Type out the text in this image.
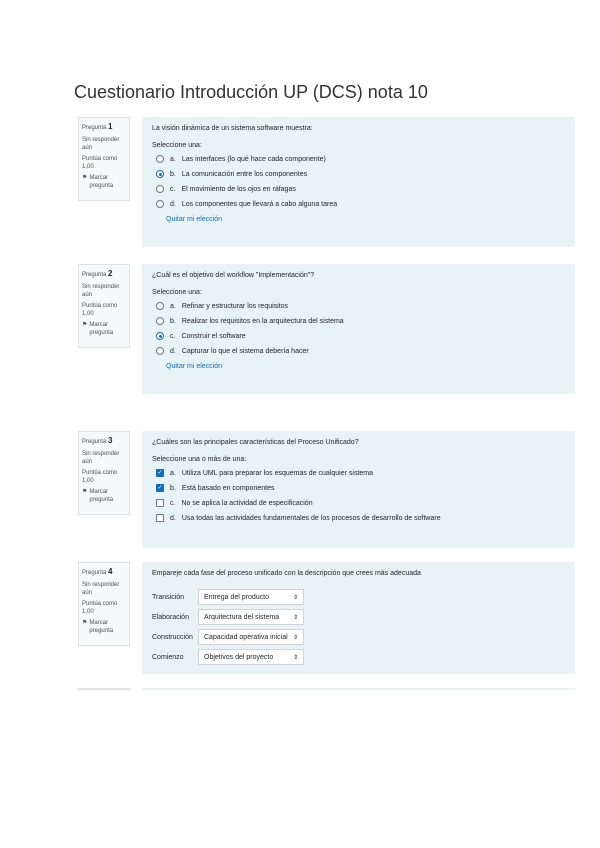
Cuestionario Introducción UP (DCS) nota 10
Pregunta 1
Sin responder aún
Puntúa como 1,00
⚑ Marcar pregunta
La visión dinámica de un sistema software muestra:
Seleccione una:
a. Las interfaces (lo qué hace cada componente)
b. La comunicación entre los componentes
c. El movimiento de los ojos en ráfagas
d. Los componentes que llevará a cabo alguna tarea
Quitar mi elección
Pregunta 2
Sin responder aún
Puntúa como 1,00
⚑ Marcar pregunta
¿Cuál es el objetivo del workflow "Implementación"?
Seleccione una:
a. Refinar y estructurar los requisitos
b. Realizar los requisitos en la arquitectura del sistema
c. Construir el software
d. Capturar lo que el sistema debería hacer
Quitar mi elección
Pregunta 3
Sin responder aún
Puntúa como 1,00
⚑ Marcar pregunta
¿Cuáles son las principales características del Proceso Unificado?
Seleccione una o más de una:
✓ a. Utiliza UML para preparar los esquemas de cualquier sistema
✓ b. Está basado en componentes
c. No se aplica la actividad de especificación
d. Usa todas las actividades fundamentales de los procesos de desarrollo de software
Pregunta 4
Sin responder aún
Puntúa como 1,00
⚑ Marcar pregunta
Empareje cada fase del proceso unificado con la descripción que crees más adecuada
Transición	Entrega del producto	⇕
Elaboración	Arquitectura del sistema ⇕
Construcción	Capacidad operativa inicial ⇕
Comienzo	Objetivos del proyecto	⇕
